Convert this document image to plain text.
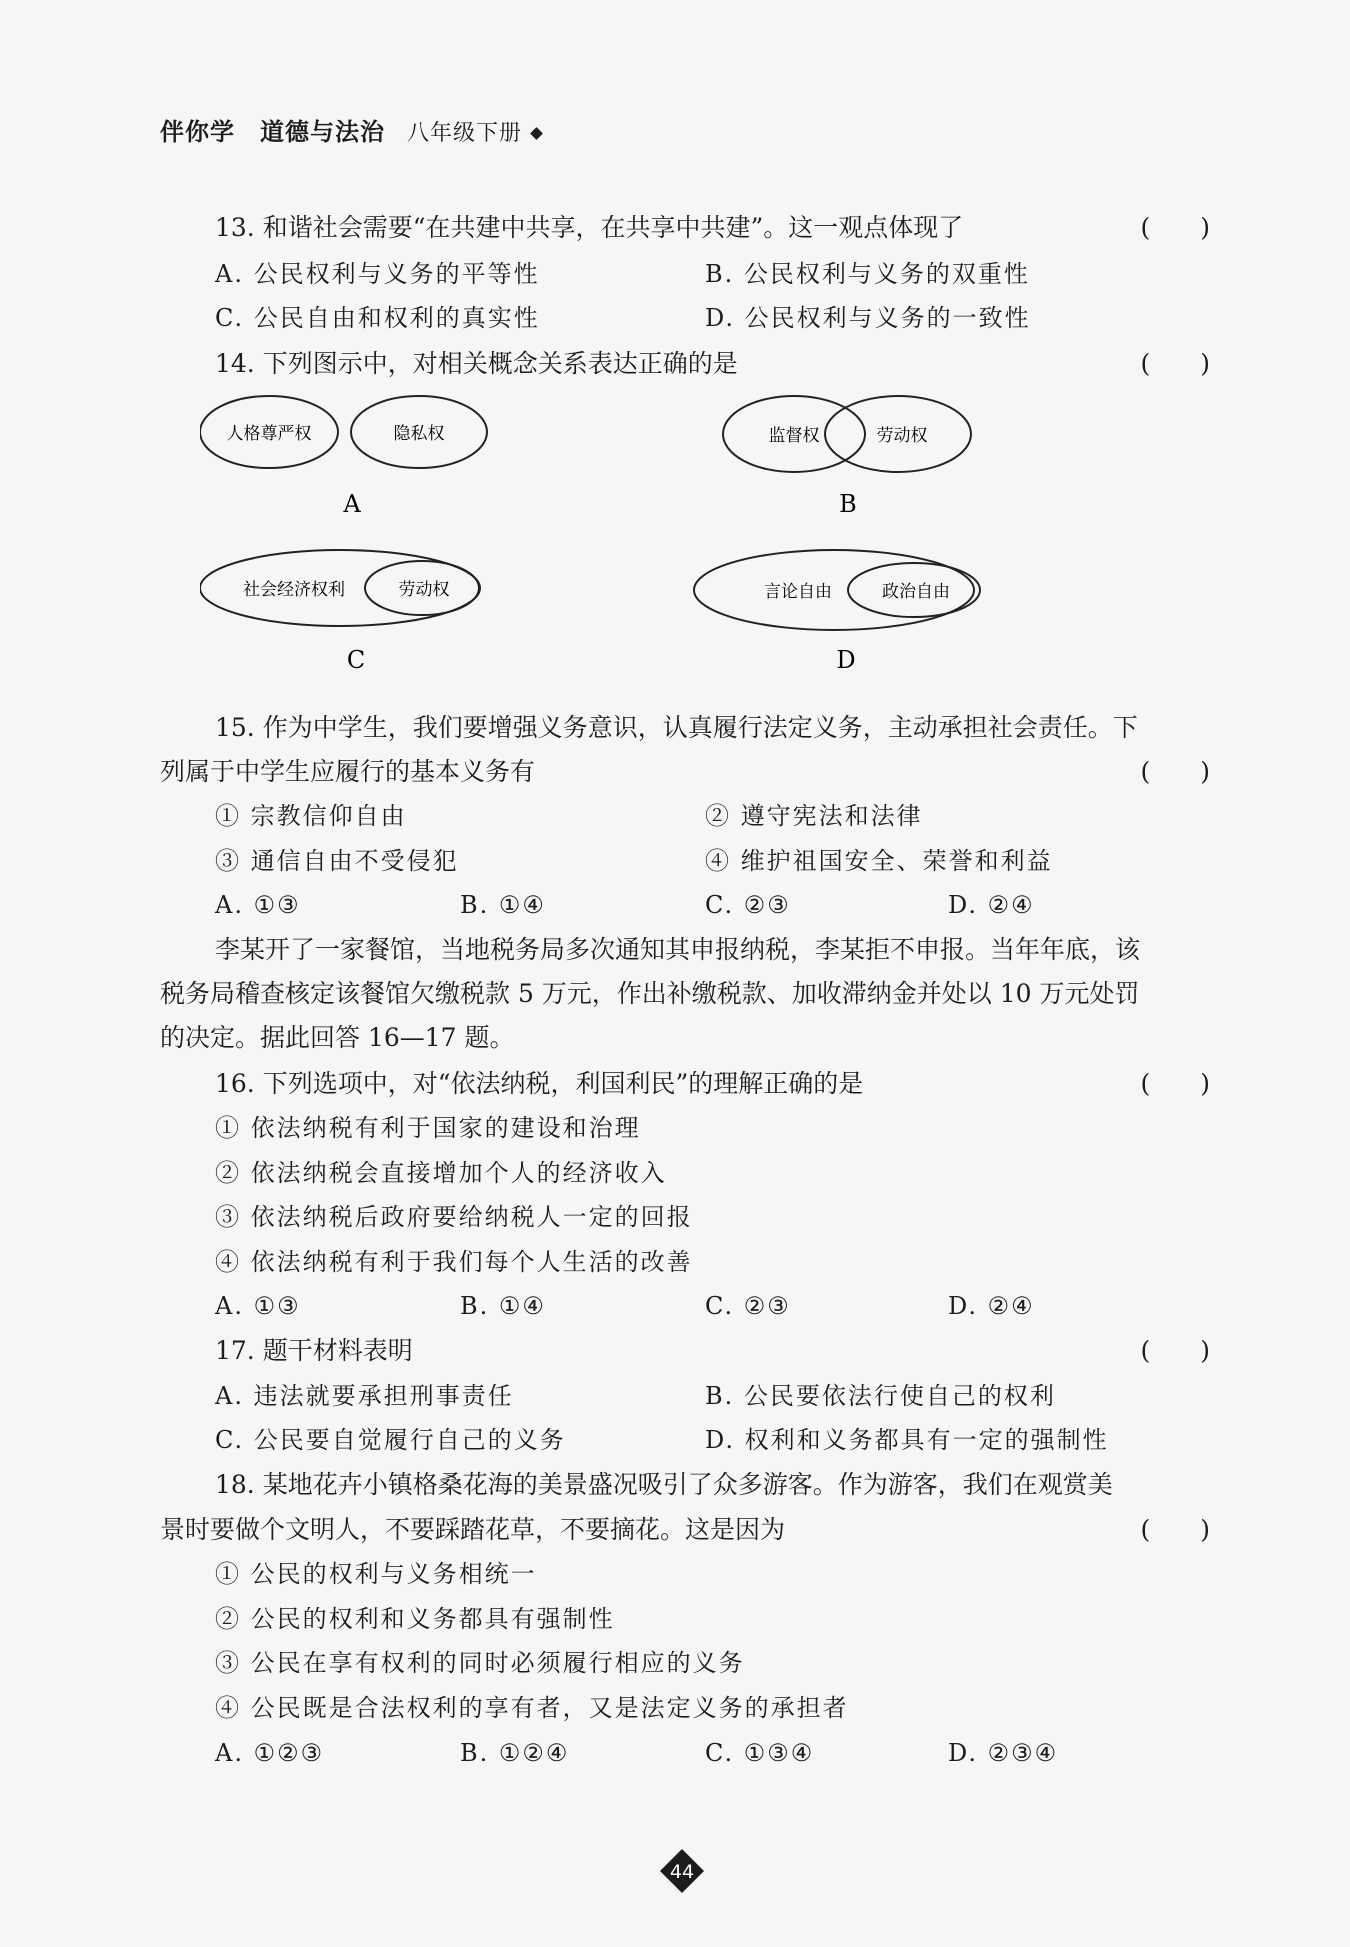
伴你学　道德与法治 八年级下册
13. 和谐社会需要“在共建中共享，在共享中共建”。这一观点体现了	(　　)
A. 公民权利与义务的平等性	B. 公民权利与义务的双重性
C. 公民自由和权利的真实性	D. 公民权利与义务的一致性
14. 下列图示中，对相关概念关系表达正确的是	(　　)
人格尊严权	隐私权
A
监督权	劳动权
B
社会经济权利	劳动权
C
言论自由	政治自由
D
15. 作为中学生，我们要增强义务意识，认真履行法定义务，主动承担社会责任。下
列属于中学生应履行的基本义务有	(　　)
① 宗教信仰自由	② 遵守宪法和法律
③ 通信自由不受侵犯	④ 维护祖国安全、荣誉和利益
A. ①③	B. ①④	C. ②③	D. ②④
李某开了一家餐馆，当地税务局多次通知其申报纳税，李某拒不申报。当年年底，该
税务局稽查核定该餐馆欠缴税款 5 万元，作出补缴税款、加收滞纳金并处以 10 万元处罚
的决定。据此回答 16—17 题。
16. 下列选项中，对“依法纳税，利国利民”的理解正确的是	(　　)
① 依法纳税有利于国家的建设和治理
② 依法纳税会直接增加个人的经济收入
③ 依法纳税后政府要给纳税人一定的回报
④ 依法纳税有利于我们每个人生活的改善
A. ①③	B. ①④	C. ②③	D. ②④
17. 题干材料表明	(　　)
A. 违法就要承担刑事责任	B. 公民要依法行使自己的权利
C. 公民要自觉履行自己的义务	D. 权利和义务都具有一定的强制性
18. 某地花卉小镇格桑花海的美景盛况吸引了众多游客。作为游客，我们在观赏美
景时要做个文明人，不要踩踏花草，不要摘花。这是因为	(　　)
① 公民的权利与义务相统一
② 公民的权利和义务都具有强制性
③ 公民在享有权利的同时必须履行相应的义务
④ 公民既是合法权利的享有者，又是法定义务的承担者
A. ①②③	B. ①②④	C. ①③④	D. ②③④
44
